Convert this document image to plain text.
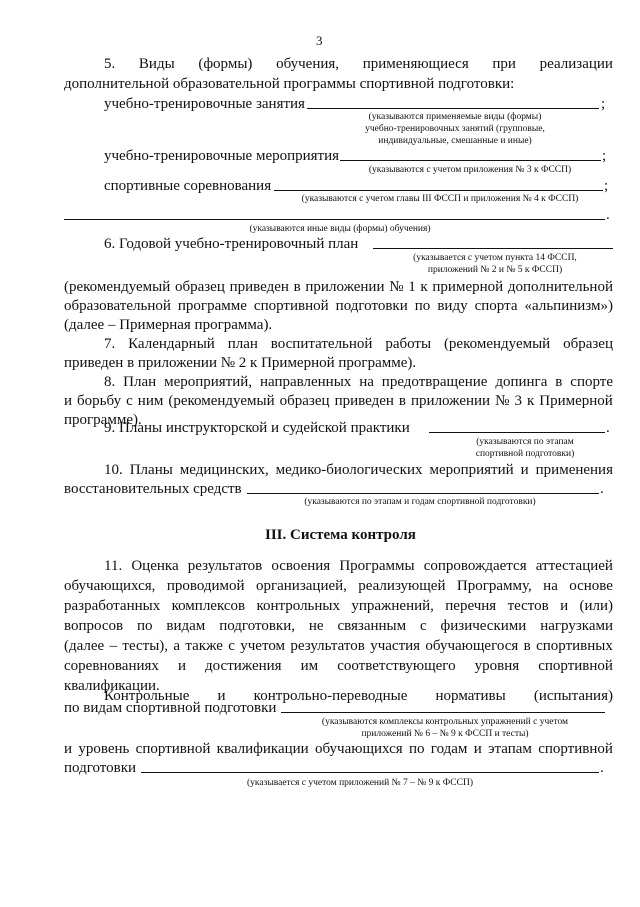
3
5. Виды (формы) обучения, применяющиеся при реализации
дополнительной образовательной программы спортивной подготовки:
учебно-тренировочные занятия	;
(указываются применяемые виды (формы)
учебно-тренировочных занятий (групповые,
индивидуальные, смешанные и иные)
учебно-тренировочные мероприятия	;
(указываются с учетом приложения № 3 к ФССП)
спортивные соревнования	;
(указываются с учетом главы III ФССП и приложения № 4 к ФССП)
.
(указываются иные виды (формы) обучения)
6. Годовой учебно-тренировочный план
(указывается с учетом пункта 14 ФССП,
приложений № 2 и № 5 к ФССП)
(рекомендуемый образец приведен в приложении № 1 к примерной дополнительной
образовательной программе спортивной подготовки по виду спорта «альпинизм»)
(далее – Примерная программа).
7. Календарный план воспитательной работы (рекомендуемый образец
приведен в приложении № 2 к Примерной программе).
8. План мероприятий, направленных на предотвращение допинга в спорте
и борьбу с ним (рекомендуемый образец приведен в приложении № 3 к Примерной
программе).
9. Планы инструкторской и судейской практики	.
(указываются по этапам
спортивной подготовки)
10. Планы медицинских, медико-биологических мероприятий и применения
восстановительных средств	.
(указываются по этапам и годам спортивной подготовки)
III. Система контроля
11. Оценка результатов освоения Программы сопровождается аттестацией
обучающихся, проводимой организацией, реализующей Программу, на основе
разработанных комплексов контрольных упражнений, перечня тестов и (или)
вопросов по видам подготовки, не связанным с физическими нагрузками
(далее – тесты), а также с учетом результатов участия обучающегося в спортивных
соревнованиях и достижения им соответствующего уровня спортивной
квалификации.
Контрольные и контрольно-переводные нормативы (испытания)
по видам спортивной подготовки
(указываются комплексы контрольных упражнений с учетом
приложений № 6 – № 9 к ФССП и тесты)
и уровень спортивной квалификации обучающихся по годам и этапам спортивной
подготовки	.
(указывается с учетом приложений № 7 – № 9 к ФССП)
